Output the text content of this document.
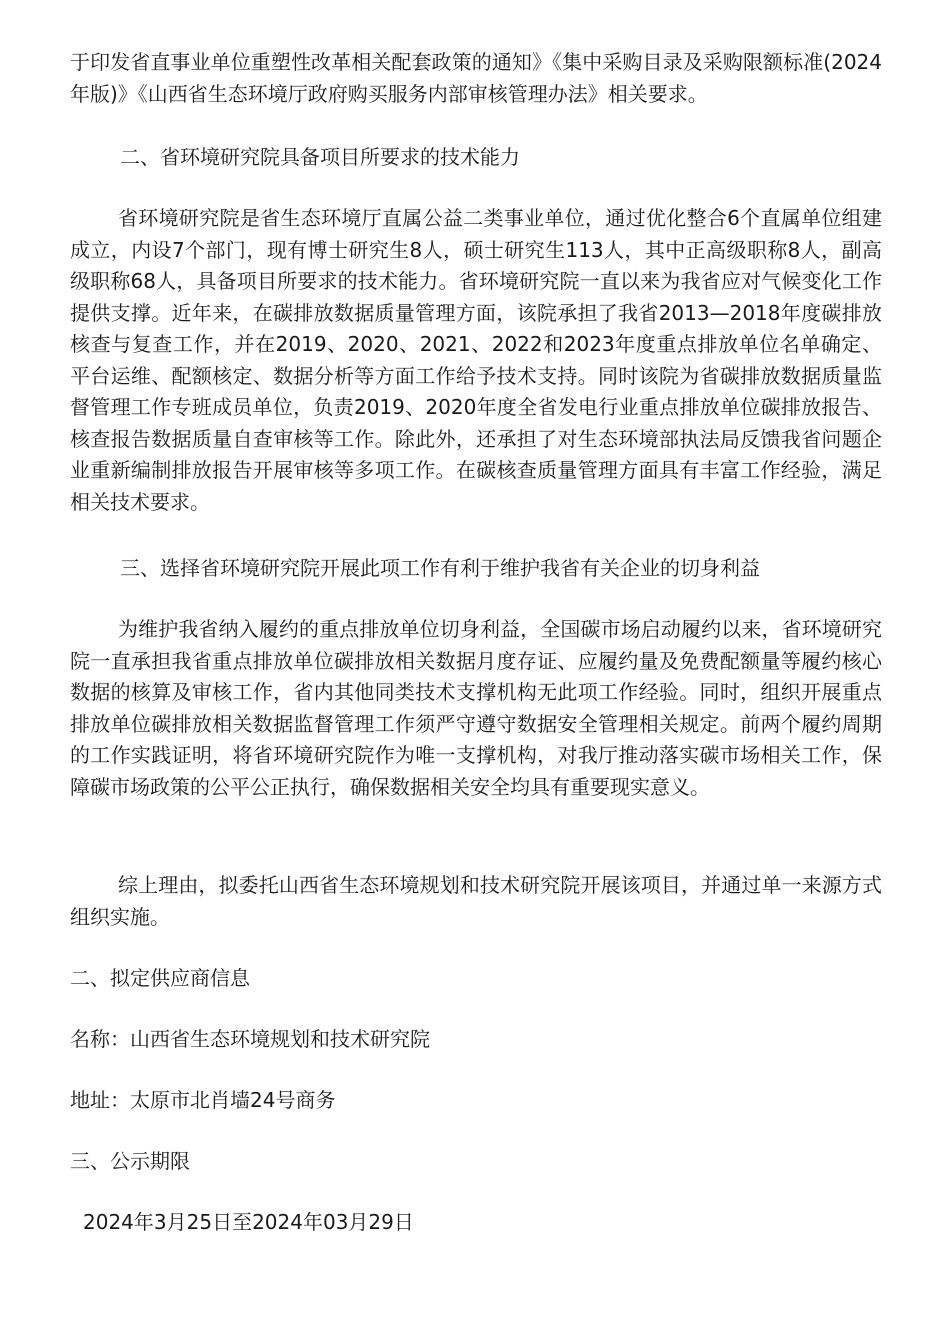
于印发省直事业单位重塑性改革相关配套政策的通知》《集中采购目录及采购限额标准(2024年版)》《山西省生态环境厅政府购买服务内部审核管理办法》相关要求。

二、省环境研究院具备项目所要求的技术能力

省环境研究院是省生态环境厅直属公益二类事业单位，通过优化整合6个直属单位组建成立，内设7个部门，现有博士研究生8人，硕士研究生113人，其中正高级职称8人，副高级职称68人，具备项目所要求的技术能力。省环境研究院一直以来为我省应对气候变化工作提供支撑。近年来，在碳排放数据质量管理方面，该院承担了我省2013—2018年度碳排放核查与复查工作，并在2019、2020、2021、2022和2023年度重点排放单位名单确定、平台运维、配额核定、数据分析等方面工作给予技术支持。同时该院为省碳排放数据质量监督管理工作专班成员单位，负责2019、2020年度全省发电行业重点排放单位碳排放报告、核查报告数据质量自查审核等工作。除此外，还承担了对生态环境部执法局反馈我省问题企业重新编制排放报告开展审核等多项工作。在碳核查质量管理方面具有丰富工作经验，满足相关技术要求。

三、选择省环境研究院开展此项工作有利于维护我省有关企业的切身利益

为维护我省纳入履约的重点排放单位切身利益，全国碳市场启动履约以来，省环境研究院一直承担我省重点排放单位碳排放相关数据月度存证、应履约量及免费配额量等履约核心数据的核算及审核工作，省内其他同类技术支撑机构无此项工作经验。同时，组织开展重点排放单位碳排放相关数据监督管理工作须严守遵守数据安全管理相关规定。前两个履约周期的工作实践证明，将省环境研究院作为唯一支撑机构，对我厅推动落实碳市场相关工作，保障碳市场政策的公平公正执行，确保数据相关安全均具有重要现实意义。

综上理由，拟委托山西省生态环境规划和技术研究院开展该项目，并通过单一来源方式组织实施。

二、拟定供应商信息

名称：山西省生态环境规划和技术研究院

地址：太原市北肖墙24号商务

三、公示期限

2024年3月25日至2024年03月29日
